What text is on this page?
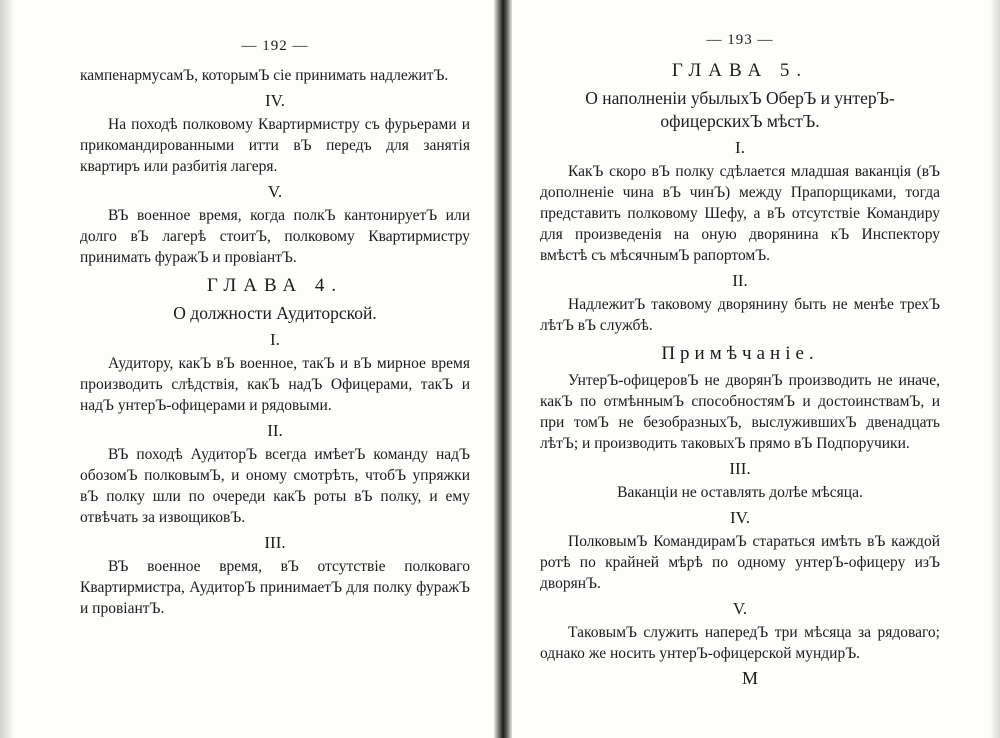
— 192 —

кампенармусамЪ, которымЪ сіе принимать надлежитЪ.

IV.

На походѣ полковому Квартирмистру съ фурьерами и прикомандированными итти вЪ передъ для занятія квартиръ или разбитія лагеря.

V.

ВЪ военное время, когда полкЪ кантонируетЪ или долго вЪ лагерѣ стоитЪ, полковому Квартирмистру принимать фуражЪ и провіантЪ.

ГЛАВА 4.
О должности Аудиторской.
I.

Аудитору, какЪ вЪ военное, такЪ и вЪ мирное время производить слѣдствія, какЪ надЪ Офицерами, такЪ и надЪ унтерЪ-офицерами и рядовыми.

II.

ВЪ походѣ АудиторЪ всегда имѣетЪ команду надЪ обозомЪ полковымЪ, и оному смотрѣть, чтобЪ упряжки вЪ полку шли по очереди какЪ роты вЪ полку, и ему отвѣчать за извощиковЪ.

III.

ВЪ военное время, вЪ отсутствіе полковаго Квартирмистра, АудиторЪ принимаетЪ для полку фуражЪ и провіантЪ.

— 193 —
ГЛАВА 5.
О наполненіи убылыхЪ ОберЪ и унтерЪ-офицерскихЪ мѣстЪ.
I.

КакЪ скоро вЪ полку сдѣлается младшая ваканція (вЪ дополненіе чина вЪ чинЪ) между Прапорщиками, тогда представить полковому Шефу, а вЪ отсутствіе Командиру для произведенія на оную дворянина кЪ Инспектору вмѣстѣ съ мѣсячнымЪ рапортомЪ.

II.

НадлежитЪ таковому дворянину быть не менѣе трехЪ лѣтЪ вЪ службѣ.

Примѣчаніе.

УнтерЪ-офицеровЪ не дворянЪ производить не иначе, какЪ по отмѣннымЪ способностямЪ и достоинствамЪ, и при томЪ не безобразныхЪ, выслужившихЪ двенадцать лѣтЪ; и производить таковыхЪ прямо вЪ Подпоручики.

III.

Ваканціи не оставлять долѣе мѣсяца.

IV.

ПолковымЪ КомандирамЪ стараться имѣть вЪ каждой ротѣ по крайней мѣрѣ по одному унтерЪ-офицеру изЪ дворянЪ.

V.

ТаковымЪ служить напередЪ три мѣсяца за рядоваго; однако же носить унтерЪ-офицерской мундирЪ.

М
